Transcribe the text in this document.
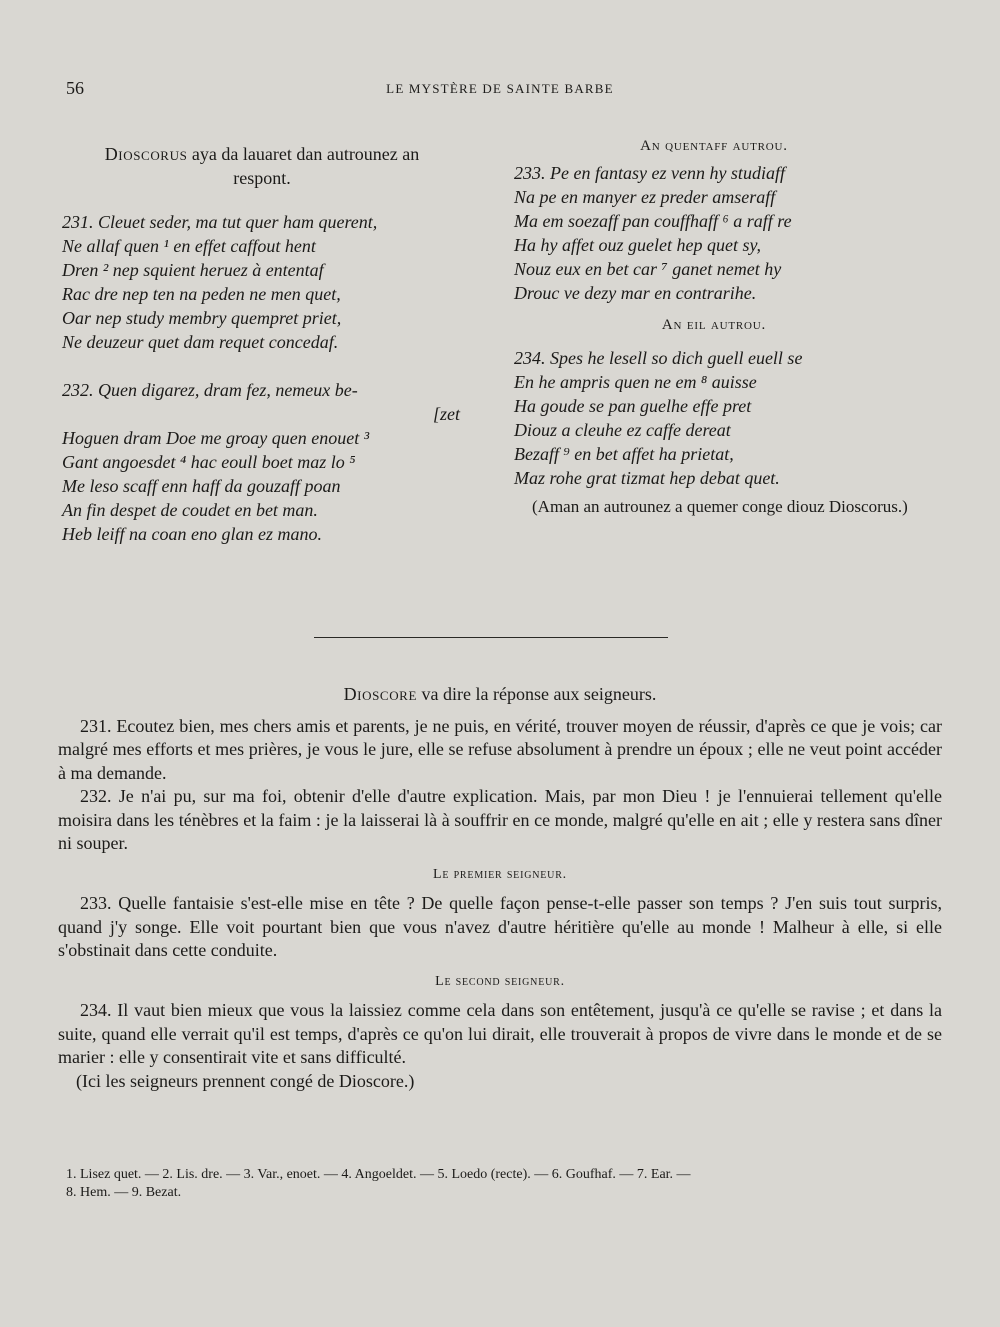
56	LE MYSTÈRE DE SAINTE BARBE
Dioscorus aya da lauaret dan autrounez an
respont.
231. Cleuet seder, ma tut quer ham querent,
Ne allaf quen ¹ en effet caffout hent
Dren ² nep squient heruez à ententaf
Rac dre nep ten na peden ne men quet,
Oar nep study membry quempret priet,
Ne deuzeur quet dam requet concedaf.
232. Quen digarez, dram fez, nemeux be-
[zet
Hoguen dram Doe me groay quen enouet ³
Gant angoesdet ⁴ hac eoull boet maz lo ⁵
Me leso scaff enn haff da gouzaff poan
An fin despet de coudet en bet man.
Heb leiff na coan eno glan ez mano.
An quentaff autrou.
233. Pe en fantasy ez venn hy studiaff
Na pe en manyer ez preder amseraff
Ma em soezaff pan couffhaff ⁶ a raff re
Ha hy affet ouz guelet hep quet sy,
Nouz eux en bet car ⁷ ganet nemet hy
Drouc ve dezy mar en contrarihe.
An eil autrou.
234. Spes he lesell so dich guell euell se
En he ampris quen ne em ⁸ auisse
Ha goude se pan guelhe effe pret
Diouz a cleuhe ez caffe dereat
Bezaff ⁹ en bet affet ha prietat,
Maz rohe grat tizmat hep debat quet.
(Aman an autrounez a quemer conge diouz Dioscorus.)

Dioscore va dire la réponse aux seigneurs.

231. Ecoutez bien, mes chers amis et parents, je ne puis, en vérité, trouver moyen de réussir, d'après ce que je vois; car malgré mes efforts et mes prières, je vous le jure, elle se refuse absolument à prendre un époux ; elle ne veut point accéder à ma demande.

232. Je n'ai pu, sur ma foi, obtenir d'elle d'autre explication. Mais, par mon Dieu ! je l'ennuierai tellement qu'elle moisira dans les ténèbres et la faim : je la laisserai là à souffrir en ce monde, malgré qu'elle en ait ; elle y restera sans dîner ni souper.

Le premier seigneur.

233. Quelle fantaisie s'est-elle mise en tête ? De quelle façon pense-t-elle passer son temps ? J'en suis tout surpris, quand j'y songe. Elle voit pourtant bien que vous n'avez d'autre héritière qu'elle au monde ! Malheur à elle, si elle s'obstinait dans cette conduite.

Le second seigneur.

234. Il vaut bien mieux que vous la laissiez comme cela dans son entêtement, jusqu'à ce qu'elle se ravise ; et dans la suite, quand elle verrait qu'il est temps, d'après ce qu'on lui dirait, elle trouverait à propos de vivre dans le monde et de se marier : elle y consentirait vite et sans difficulté.

(Ici les seigneurs prennent congé de Dioscore.)

1. Lisez quet. — 2. Lis. dre. — 3. Var., enoet. — 4. Angoeldet. — 5. Loedo (recte). — 6. Goufhaf. — 7. Ear. —
8. Hem. — 9. Bezat.
